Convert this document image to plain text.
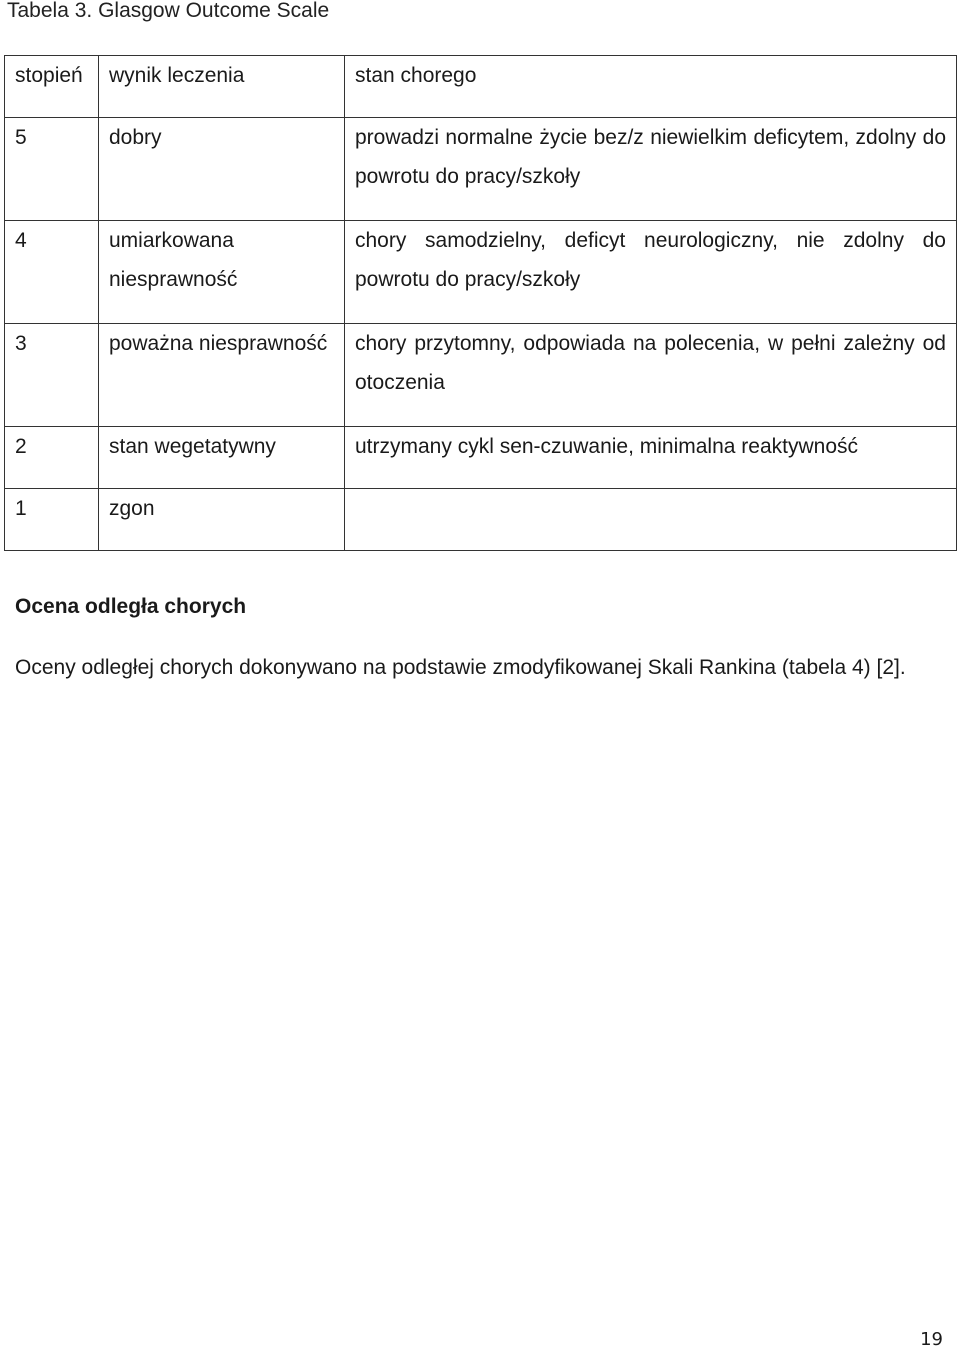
Tabela 3. Glasgow Outcome Scale
stopień	wynik leczenia	stan chorego
5	dobry	prowadzi normalne życie bez/z niewielkim deficytem, zdolny do powrotu do pracy/szkoły
4	umiarkowana niesprawność	chory samodzielny, deficyt neurologiczny, nie zdolny do powrotu do pracy/szkoły
3	poważna niesprawność	chory przytomny, odpowiada na polecenia, w pełni zależny od otoczenia
2	stan wegetatywny	utrzymany cykl sen-czuwanie, minimalna reaktywność
1	zgon	
Ocena odległa chorych
Oceny odległej chorych dokonywano na podstawie zmodyfikowanej Skali Rankina (tabela 4) [2].
19
